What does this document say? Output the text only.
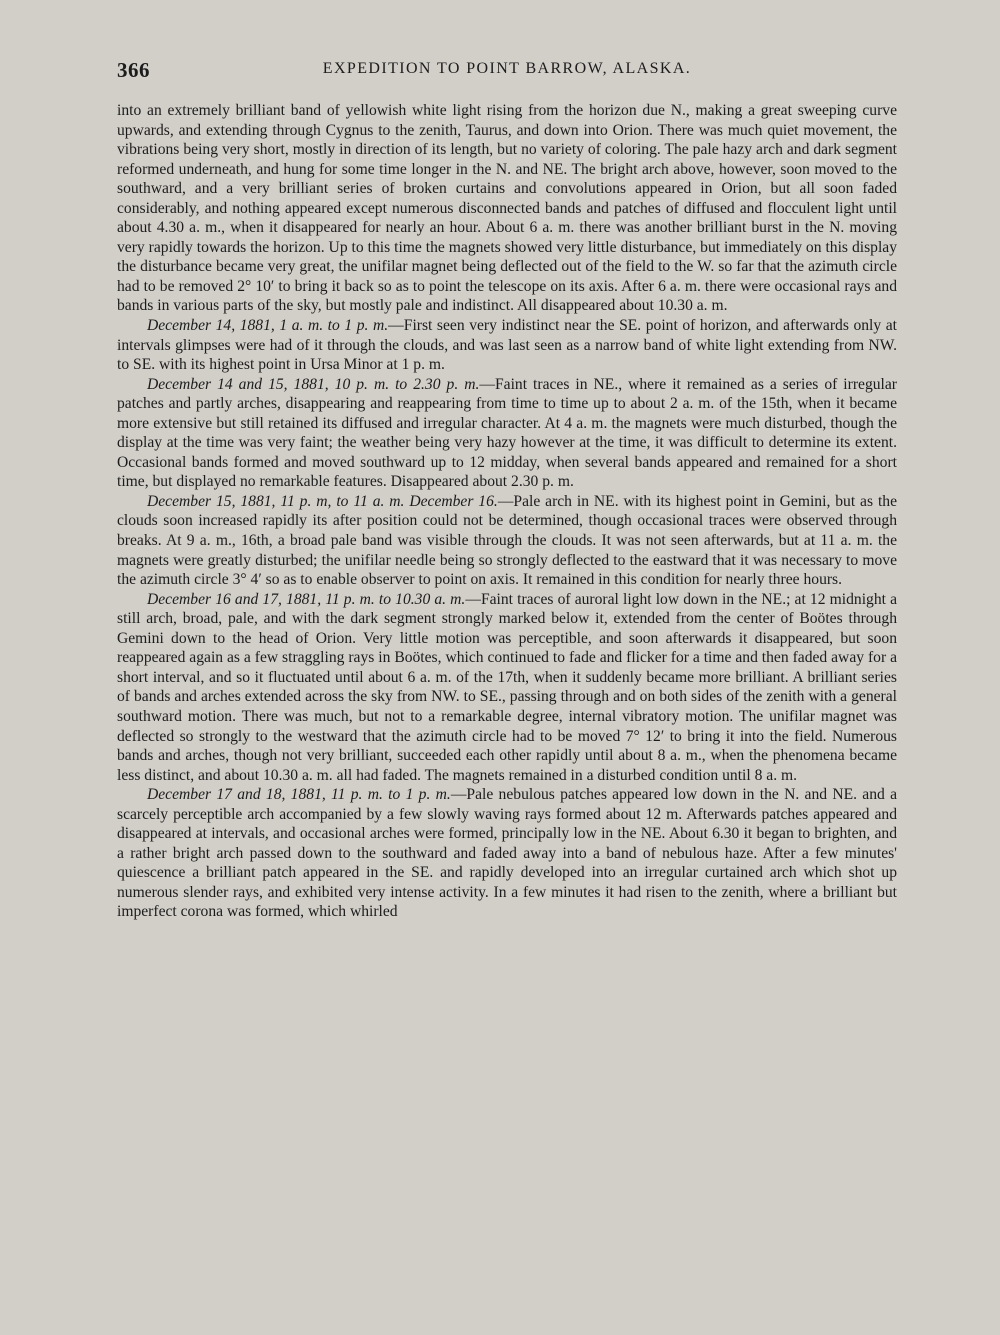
366	EXPEDITION TO POINT BARROW, ALASKA.

into an extremely brilliant band of yellowish white light rising from the horizon due N., making a great sweeping curve upwards, and extending through Cygnus to the zenith, Taurus, and down into Orion. There was much quiet movement, the vibrations being very short, mostly in direction of its length, but no variety of coloring. The pale hazy arch and dark segment reformed underneath, and hung for some time longer in the N. and NE. The bright arch above, however, soon moved to the southward, and a very brilliant series of broken curtains and convolutions appeared in Orion, but all soon faded considerably, and nothing appeared except numerous disconnected bands and patches of diffused and flocculent light until about 4.30 a. m., when it disappeared for nearly an hour. About 6 a. m. there was another brilliant burst in the N. moving very rapidly towards the horizon. Up to this time the magnets showed very little disturbance, but immediately on this display the disturbance became very great, the unifilar magnet being deflected out of the field to the W. so far that the azimuth circle had to be removed 2° 10′ to bring it back so as to point the telescope on its axis. After 6 a. m. there were occasional rays and bands in various parts of the sky, but mostly pale and indistinct. All disappeared about 10.30 a. m.

December 14, 1881, 1 a. m. to 1 p. m.—First seen very indistinct near the SE. point of horizon, and afterwards only at intervals glimpses were had of it through the clouds, and was last seen as a narrow band of white light extending from NW. to SE. with its highest point in Ursa Minor at 1 p. m.

December 14 and 15, 1881, 10 p. m. to 2.30 p. m.—Faint traces in NE., where it remained as a series of irregular patches and partly arches, disappearing and reappearing from time to time up to about 2 a. m. of the 15th, when it became more extensive but still retained its diffused and irregular character. At 4 a. m. the magnets were much disturbed, though the display at the time was very faint; the weather being very hazy however at the time, it was difficult to determine its extent. Occasional bands formed and moved southward up to 12 midday, when several bands appeared and remained for a short time, but displayed no remarkable features. Disappeared about 2.30 p. m.

December 15, 1881, 11 p. m, to 11 a. m. December 16.—Pale arch in NE. with its highest point in Gemini, but as the clouds soon increased rapidly its after position could not be determined, though occasional traces were observed through breaks. At 9 a. m., 16th, a broad pale band was visible through the clouds. It was not seen afterwards, but at 11 a. m. the magnets were greatly disturbed; the unifilar needle being so strongly deflected to the eastward that it was necessary to move the azimuth circle 3° 4′ so as to enable observer to point on axis. It remained in this condition for nearly three hours.

December 16 and 17, 1881, 11 p. m. to 10.30 a. m.—Faint traces of auroral light low down in the NE.; at 12 midnight a still arch, broad, pale, and with the dark segment strongly marked below it, extended from the center of Boötes through Gemini down to the head of Orion. Very little motion was perceptible, and soon afterwards it disappeared, but soon reappeared again as a few straggling rays in Boötes, which continued to fade and flicker for a time and then faded away for a short interval, and so it fluctuated until about 6 a. m. of the 17th, when it suddenly became more brilliant. A brilliant series of bands and arches extended across the sky from NW. to SE., passing through and on both sides of the zenith with a general southward motion. There was much, but not to a remarkable degree, internal vibratory motion. The unifilar magnet was deflected so strongly to the westward that the azimuth circle had to be moved 7° 12′ to bring it into the field. Numerous bands and arches, though not very brilliant, succeeded each other rapidly until about 8 a. m., when the phenomena became less distinct, and about 10.30 a. m. all had faded. The magnets remained in a disturbed condition until 8 a. m.

December 17 and 18, 1881, 11 p. m. to 1 p. m.—Pale nebulous patches appeared low down in the N. and NE. and a scarcely perceptible arch accompanied by a few slowly waving rays formed about 12 m. Afterwards patches appeared and disappeared at intervals, and occasional arches were formed, principally low in the NE. About 6.30 it began to brighten, and a rather bright arch passed down to the southward and faded away into a band of nebulous haze. After a few minutes' quiescence a brilliant patch appeared in the SE. and rapidly developed into an irregular curtained arch which shot up numerous slender rays, and exhibited very intense activity. In a few minutes it had risen to the zenith, where a brilliant but imperfect corona was formed, which whirled
